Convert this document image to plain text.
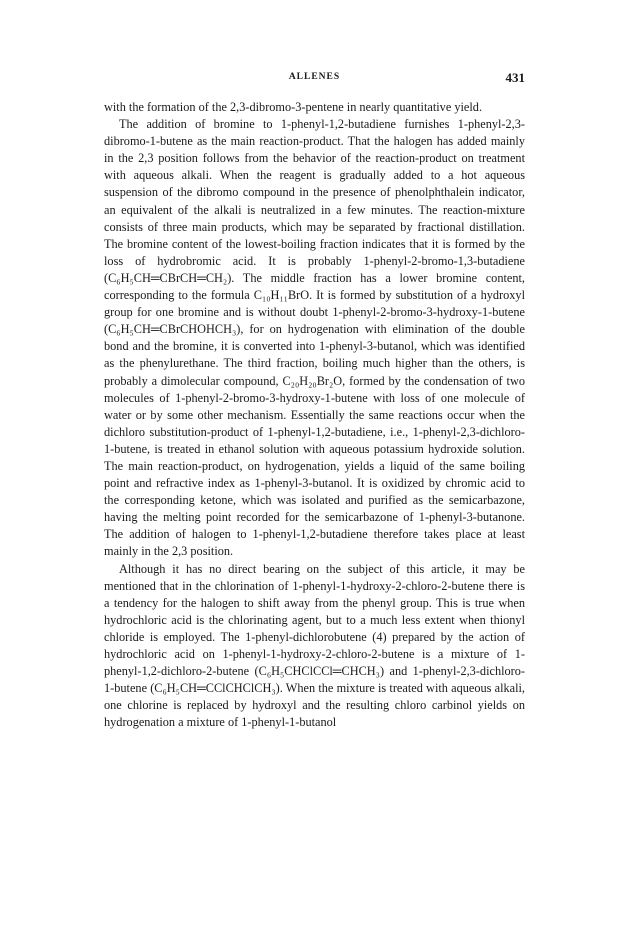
ALLENES	431

with the formation of the 2,3-dibromo-3-pentene in nearly quantitative yield.

The addition of bromine to 1-phenyl-1,2-butadiene furnishes 1-phenyl-2,3-dibromo-1-butene as the main reaction-product. That the halogen has added mainly in the 2,3 position follows from the behavior of the reaction-product on treatment with aqueous alkali. When the reagent is gradually added to a hot aqueous suspension of the dibromo compound in the presence of phenolphthalein indicator, an equivalent of the alkali is neutralized in a few minutes. The reaction-mixture consists of three main products, which may be separated by fractional distillation. The bromine content of the lowest-boiling fraction indicates that it is formed by the loss of hydrobromic acid. It is probably 1-phenyl-2-bromo-1,3-butadiene (C₆H₅CH═CBrCH═CH₂). The middle fraction has a lower bromine content, corresponding to the formula C₁₀H₁₁BrO. It is formed by substitution of a hydroxyl group for one bromine and is without doubt 1-phenyl-2-bromo-3-hydroxy-1-butene (C₆H₅CH═CBrCHOHCH₃), for on hydrogenation with elimination of the double bond and the bromine, it is converted into 1-phenyl-3-butanol, which was identified as the phenylurethane. The third fraction, boiling much higher than the others, is probably a dimolecular compound, C₂₀H₂₀Br₂O, formed by the condensation of two molecules of 1-phenyl-2-bromo-3-hydroxy-1-butene with loss of one molecule of water or by some other mechanism. Essentially the same reactions occur when the dichloro substitution-product of 1-phenyl-1,2-butadiene, i.e., 1-phenyl-2,3-dichloro-1-butene, is treated in ethanol solution with aqueous potassium hydroxide solution. The main reaction-product, on hydrogenation, yields a liquid of the same boiling point and refractive index as 1-phenyl-3-butanol. It is oxidized by chromic acid to the corresponding ketone, which was isolated and purified as the semicarbazone, having the melting point recorded for the semicarbazone of 1-phenyl-3-butanone. The addition of halogen to 1-phenyl-1,2-butadiene therefore takes place at least mainly in the 2,3 position.

Although it has no direct bearing on the subject of this article, it may be mentioned that in the chlorination of 1-phenyl-1-hydroxy-2-chloro-2-butene there is a tendency for the halogen to shift away from the phenyl group. This is true when hydrochloric acid is the chlorinating agent, but to a much less extent when thionyl chloride is employed. The 1-phenyl-dichlorobutene (4) prepared by the action of hydrochloric acid on 1-phenyl-1-hydroxy-2-chloro-2-butene is a mixture of 1-phenyl-1,2-dichloro-2-butene (C₆H₅CHClCCl═CHCH₃) and 1-phenyl-2,3-dichloro-1-butene (C₆H₅CH═CClCHClCH₃). When the mixture is treated with aqueous alkali, one chlorine is replaced by hydroxyl and the resulting chloro carbinol yields on hydrogenation a mixture of 1-phenyl-1-butanol
